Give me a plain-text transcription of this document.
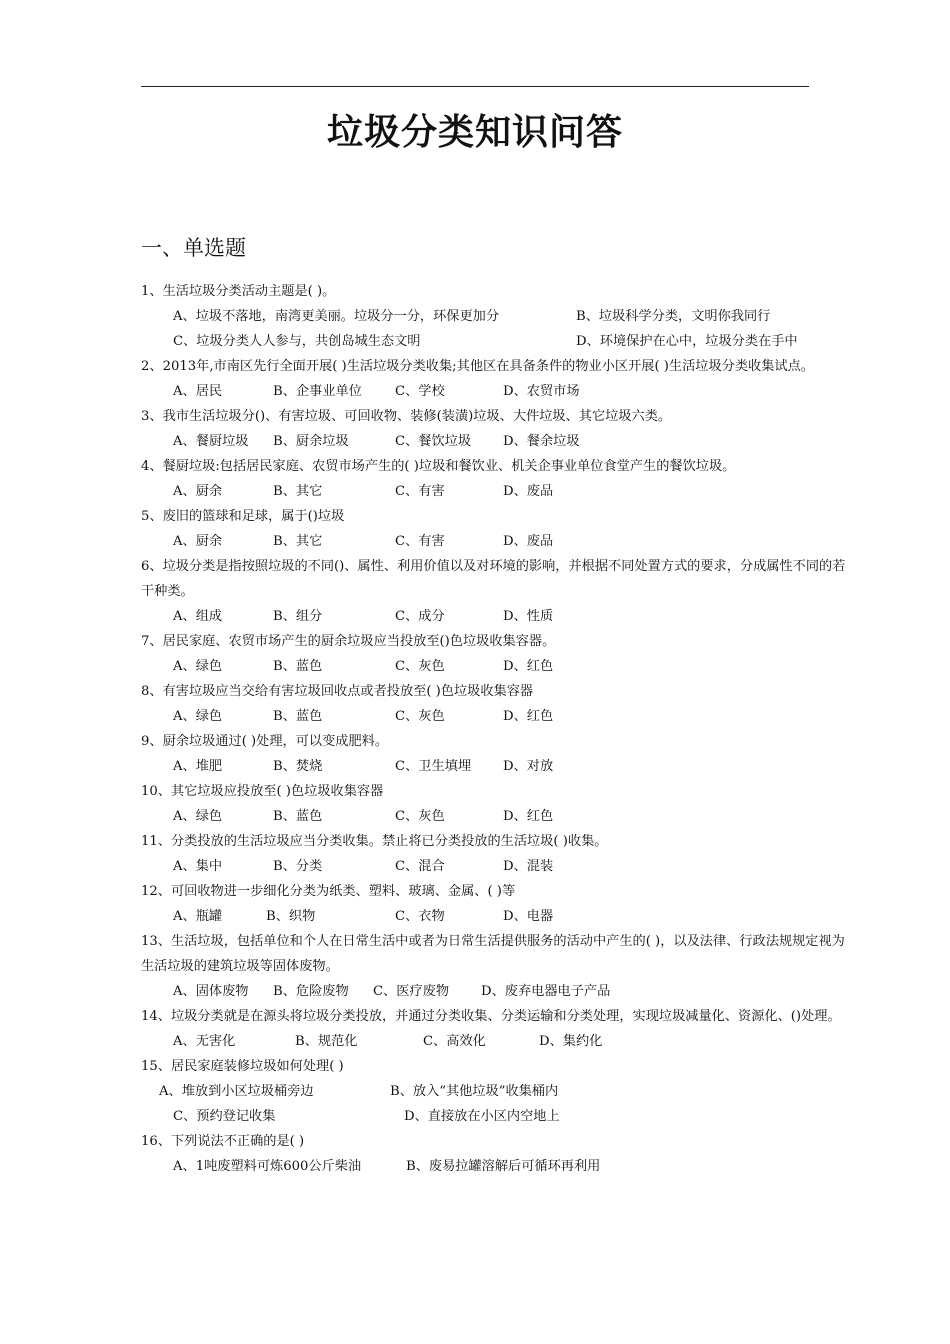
垃圾分类知识问答
一、单选题
1、生活垃圾分类活动主题是( )。
A、垃圾不落地，南湾更美丽。垃圾分一分，环保更加分	B、垃圾科学分类，文明你我同行
C、垃圾分类人人参与，共创岛城生态文明	D、环境保护在心中，垃圾分类在手中
2、2013年,市南区先行全面开展( )生活垃圾分类收集;其他区在具备条件的物业小区开展( )生活垃圾分类收集试点。
A、居民	B、企事业单位	C、学校	D、农贸市场
3、我市生活垃圾分()、有害垃圾、可回收物、装修(装潢)垃圾、大件垃圾、其它垃圾六类。
A、餐厨垃圾 B、厨余垃圾	C、餐饮垃圾 D、餐余垃圾
4、餐厨垃圾:包括居民家庭、农贸市场产生的( )垃圾和餐饮业、机关企事业单位食堂产生的餐饮垃圾。
A、厨余	B、其它	C、有害	D、废品
5、废旧的篮球和足球，属于()垃圾
A、厨余	B、其它	C、有害	D、废品
6、垃圾分类是指按照垃圾的不同()、属性、利用价值以及对环境的影响，并根据不同处置方式的要求，分成属性不同的若干种类。
A、组成	B、组分	C、成分	D、性质
7、居民家庭、农贸市场产生的厨余垃圾应当投放至()色垃圾收集容器。
A、绿色	B、蓝色	C、灰色	D、红色
8、有害垃圾应当交给有害垃圾回收点或者投放至( )色垃圾收集容器
A、绿色	B、蓝色	C、灰色	D、红色
9、厨余垃圾通过( )处理，可以变成肥料。
A、堆肥	B、焚烧	C、卫生填埋 D、对放
10、其它垃圾应投放至( )色垃圾收集容器
A、绿色	B、蓝色	C、灰色	D、红色
11、分类投放的生活垃圾应当分类收集。禁止将已分类投放的生活垃圾( )收集。
A、集中	B、分类	C、混合	D、混装
12、可回收物进一步细化分类为纸类、塑料、玻璃、金属、( )等
A、瓶罐	B、织物	C、衣物	D、电器
13、生活垃圾，包括单位和个人在日常生活中或者为日常生活提供服务的活动中产生的( )，以及法律、行政法规规定视为生活垃圾的建筑垃圾等固体废物。
A、固体废物 B、危险废物 C、医疗废物 D、废弃电器电子产品
14、垃圾分类就是在源头将垃圾分类投放，并通过分类收集、分类运输和分类处理，实现垃圾减量化、资源化、()处理。
A、无害化	B、规范化	C、高效化	D、集约化
15、居民家庭装修垃圾如何处理( )
A、堆放到小区垃圾桶旁边	B、放入“其他垃圾”收集桶内
C、预约登记收集	D、直接放在小区内空地上
16、下列说法不正确的是( )
A、1吨废塑料可炼600公斤柴油	B、废易拉罐溶解后可循环再利用
